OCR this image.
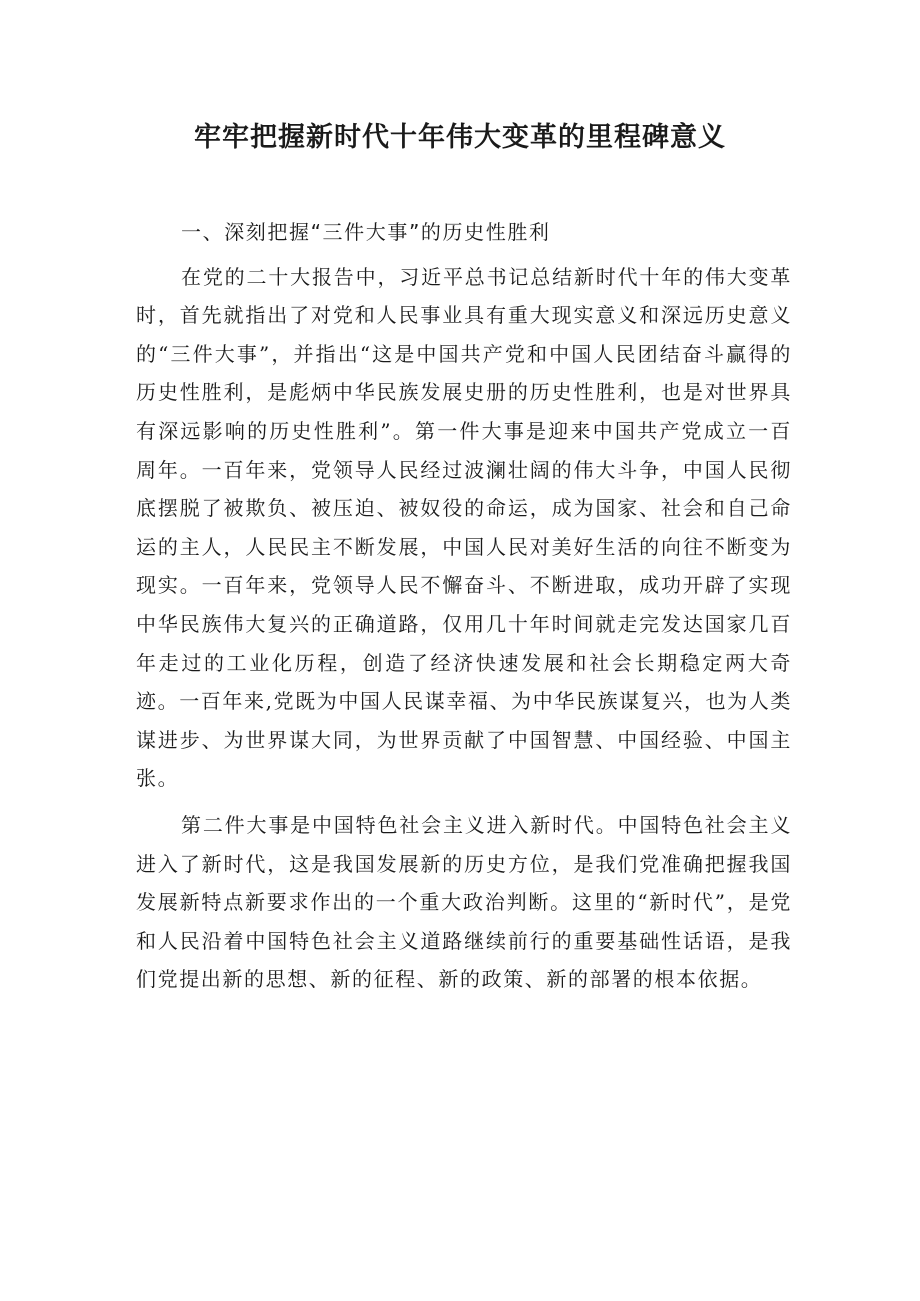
牢牢把握新时代十年伟大变革的里程碑意义

一、深刻把握“三件大事”的历史性胜利

在党的二十大报告中，习近平总书记总结新时代十年的伟大变革时，首先就指出了对党和人民事业具有重大现实意义和深远历史意义的“三件大事”，并指出“这是中国共产党和中国人民团结奋斗赢得的历史性胜利，是彪炳中华民族发展史册的历史性胜利，也是对世界具有深远影响的历史性胜利”。第一件大事是迎来中国共产党成立一百周年。一百年来，党领导人民经过波澜壮阔的伟大斗争，中国人民彻底摆脱了被欺负、被压迫、被奴役的命运，成为国家、社会和自己命运的主人，人民民主不断发展，中国人民对美好生活的向往不断变为现实。一百年来，党领导人民不懈奋斗、不断进取，成功开辟了实现中华民族伟大复兴的正确道路，仅用几十年时间就走完发达国家几百年走过的工业化历程，创造了经济快速发展和社会长期稳定两大奇迹。一百年来,党既为中国人民谋幸福、为中华民族谋复兴，也为人类谋进步、为世界谋大同，为世界贡献了中国智慧、中国经验、中国主张。

第二件大事是中国特色社会主义进入新时代。中国特色社会主义进入了新时代，这是我国发展新的历史方位，是我们党准确把握我国发展新特点新要求作出的一个重大政治判断。这里的“新时代”，是党和人民沿着中国特色社会主义道路继续前行的重要基础性话语，是我们党提出新的思想、新的征程、新的政策、新的部署的根本依据。
